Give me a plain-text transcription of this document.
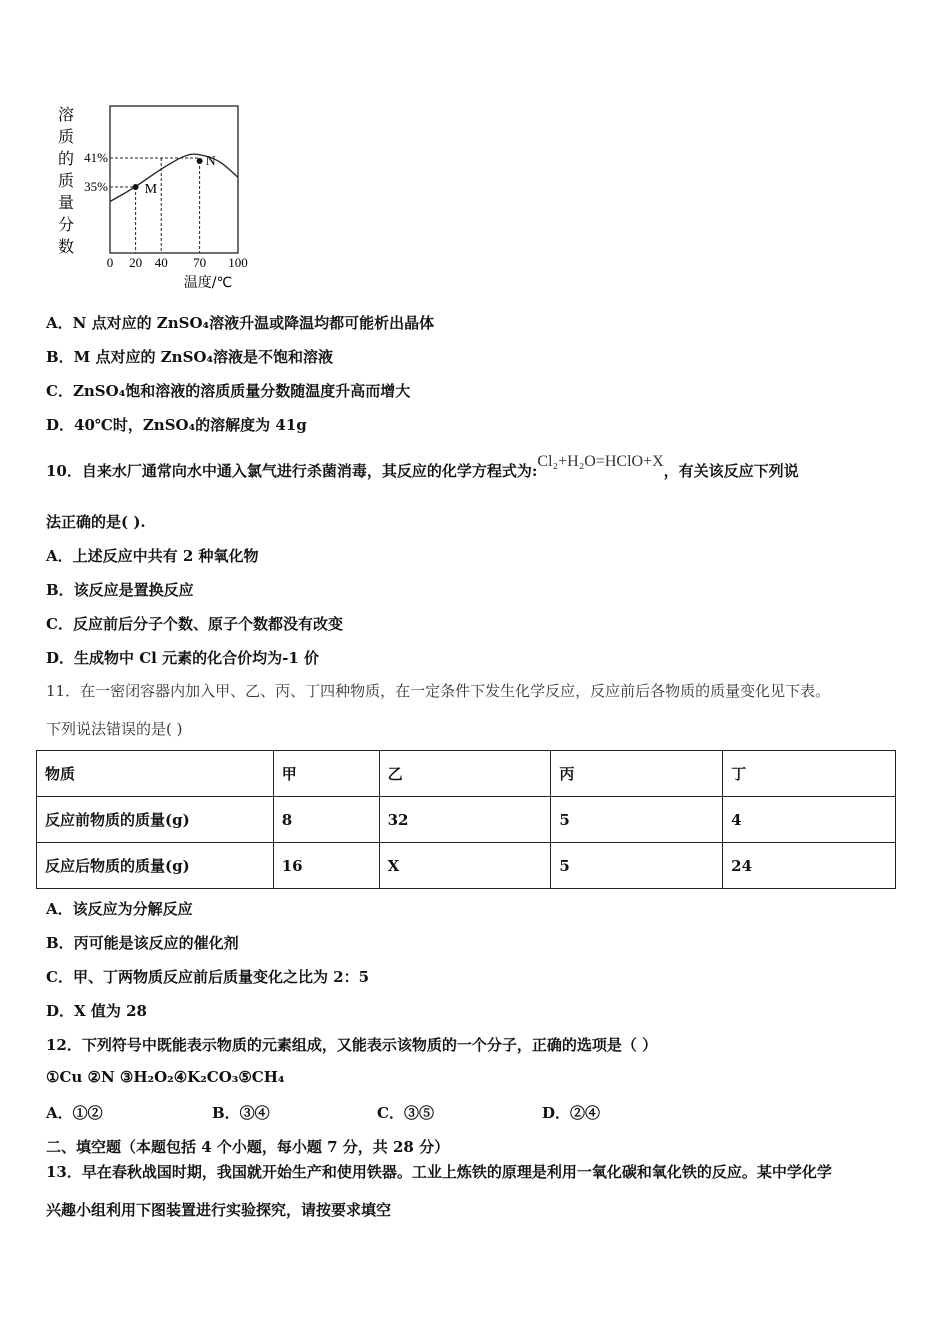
溶
质
的
质
量
分
数
41%
35%
0 20 40 70 100
温度/℃
M
N
A．N 点对应的 ZnSO₄溶液升温或降温均都可能析出晶体
B．M 点对应的 ZnSO₄溶液是不饱和溶液
C．ZnSO₄饱和溶液的溶质质量分数随温度升高而增大
D．40℃时，ZnSO₄的溶解度为 41g
10．自来水厂通常向水中通入氯气进行杀菌消毒，其反应的化学方程式为:Cl₂+H₂O=HClO+X，有关该反应下列说
法正确的是( ).
A．上述反应中共有 2 种氧化物
B．该反应是置换反应
C．反应前后分子个数、原子个数都没有改变
D．生成物中 Cl 元素的化合价均为-1 价
11．在一密闭容器内加入甲、乙、丙、丁四种物质，在一定条件下发生化学反应，反应前后各物质的质量变化见下表。
下列说法错误的是( )
物质	甲	乙	丙	丁
反应前物质的质量(g)	8	32	5	4
反应后物质的质量(g)	16	X	5	24
A．该反应为分解反应
B．丙可能是该反应的催化剂
C．甲、丁两物质反应前后质量变化之比为 2：5
D．X 值为 28
12．下列符号中既能表示物质的元素组成，又能表示该物质的一个分子，正确的选项是（ ）
①Cu ②N ③H₂O₂④K₂CO₃⑤CH₄
A．①②	B．③④	C．③⑤	D．②④
二、填空题（本题包括 4 个小题，每小题 7 分，共 28 分）
13．早在春秋战国时期，我国就开始生产和使用铁器。工业上炼铁的原理是利用一氧化碳和氧化铁的反应。某中学化学
兴趣小组利用下图装置进行实验探究，请按要求填空
